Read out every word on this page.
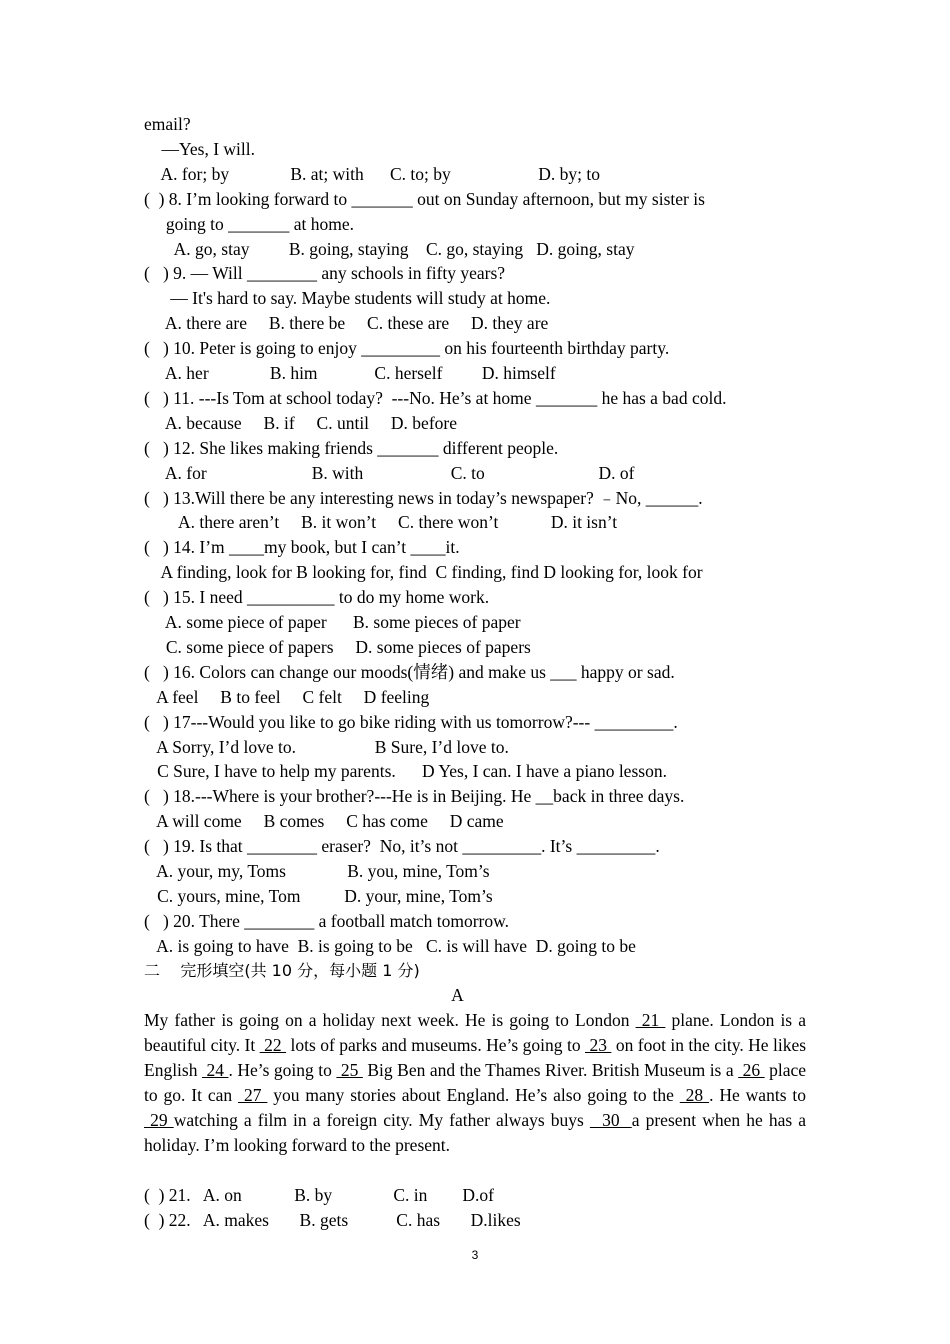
email?
—Yes, I will.
A. for; by              B. at; with      C. to; by                    D. by; to
(  ) 8. I’m looking forward to _______ out on Sunday afternoon, but my sister is
going to _______ at home.
A. go, stay         B. going, staying    C. go, staying   D. going, stay
(   ) 9. — Will ________ any schools in fifty years?
— It's hard to say. Maybe students will study at home.
A. there are     B. there be     C. these are     D. they are
(   ) 10. Peter is going to enjoy _________ on his fourteenth birthday party.
A. her              B. him             C. herself         D. himself
(   ) 11. ---Is Tom at school today?  ---No. He’s at home _______ he has a bad cold.
A. because     B. if     C. until     D. before
(   ) 12. She likes making friends _______ different people.
A. for                        B. with                    C. to                          D. of
(   ) 13.Will there be any interesting news in today’s newspaper? ﹣No, ______.
A. there aren’t     B. it won’t     C. there won’t            D. it isn’t
(   ) 14. I’m ____my book, but I can’t ____it.
A finding, look for B looking for, find  C finding, find D looking for, look for
(   ) 15. I need __________ to do my home work.
A. some piece of paper      B. some pieces of paper
C. some piece of papers     D. some pieces of papers
(   ) 16. Colors can change our moods(情绪) and make us ___ happy or sad.
A feel     B to feel     C felt     D feeling
(   ) 17---Would you like to go bike riding with us tomorrow?--- _________.
A Sorry, I’d love to.                  B Sure, I’d love to.
C Sure, I have to help my parents.      D Yes, I can. I have a piano lesson.
(   ) 18.---Where is your brother?---He is in Beijing. He __back in three days.
A will come     B comes     C has come     D came
(   ) 19. Is that ________ eraser?  No, it’s not _________. It’s _________.
A. your, my, Toms              B. you, mine, Tom’s
C. yours, mine, Tom          D. your, mine, Tom’s
(   ) 20. There ________ a football match tomorrow.
A. is going to have  B. is going to be   C. is will have  D. going to be
二    完形填空(共 10 分，每小题 1 分)
A
My father is going on a holiday next week. He is going to London  21  plane. London is a beautiful city. It  22  lots of parks and museums. He’s going to  23  on foot in the city. He likes English  24 . He’s going to  25  Big Ben and the Thames River. British Museum is a  26  place to go. It can  27  you many stories about England. He’s also going to the  28 . He wants to  29 watching a film in a foreign city. My father always buys   30  a present when he has a holiday. I’m looking forward to the present.
(  ) 21.   A. on            B. by              C. in        D.of
(  ) 22.   A. makes       B. gets           C. has       D.likes
3
